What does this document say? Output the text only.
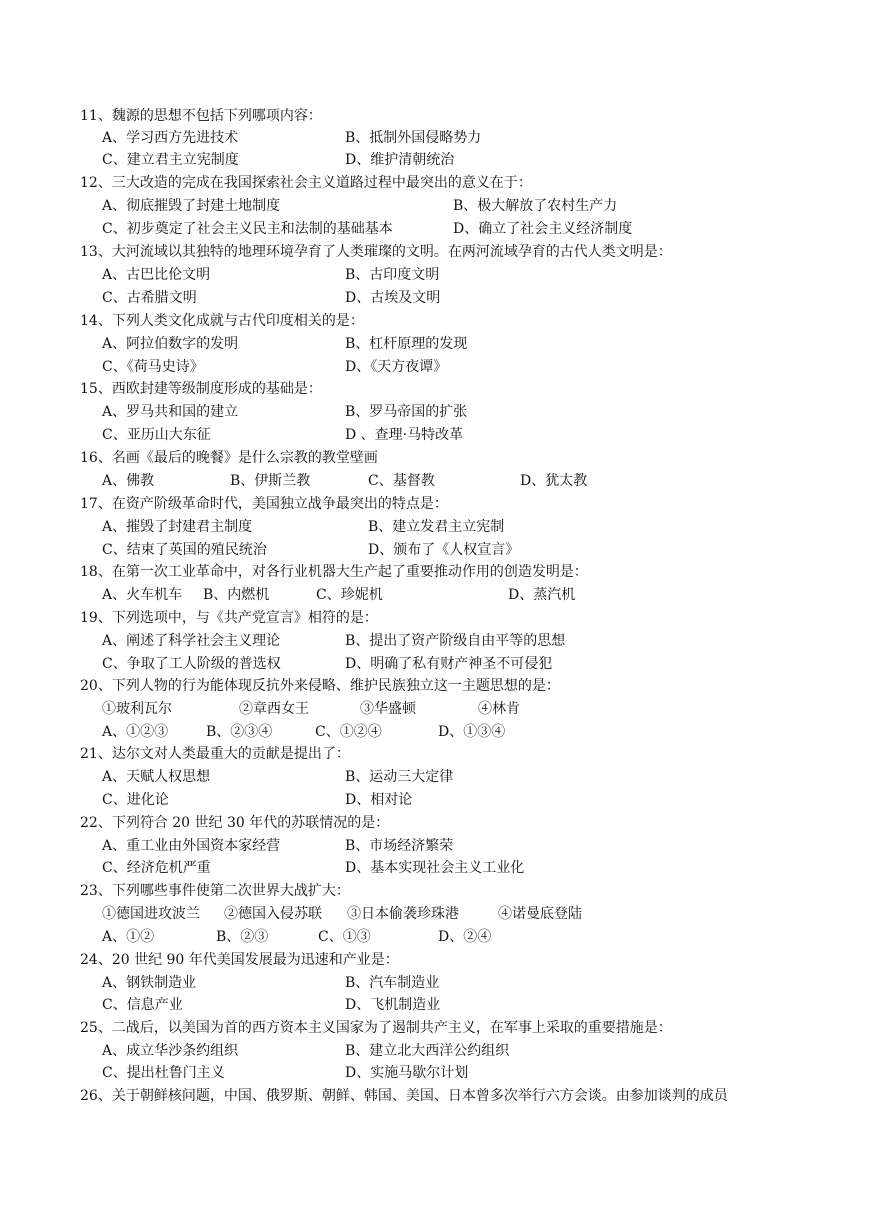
11、魏源的思想不包括下列哪项内容：
A、学习西方先进技术	B、抵制外国侵略势力
C、建立君主立宪制度	D、维护清朝统治
12、三大改造的完成在我国探索社会主义道路过程中最突出的意义在于：
A、彻底摧毁了封建土地制度	B、极大解放了农村生产力
C、初步奠定了社会主义民主和法制的基础基本	D、确立了社会主义经济制度
13、大河流域以其独特的地理环境孕育了人类璀璨的文明。在两河流域孕育的古代人类文明是：
A、古巴比伦文明	B、古印度文明
C、古希腊文明	D、古埃及文明
14、下列人类文化成就与古代印度相关的是：
A、阿拉伯数字的发明	B、杠杆原理的发现
C、《荷马史诗》	D、《天方夜谭》
15、西欧封建等级制度形成的基础是：
A、罗马共和国的建立	B、罗马帝国的扩张
C、亚历山大东征	D 、查理·马特改革
16、名画《最后的晚餐》是什么宗教的教堂壁画
A、佛教	B、伊斯兰教	C、基督教	D、犹太教
17、在资产阶级革命时代，美国独立战争最突出的特点是：
A、摧毁了封建君主制度	B、建立发君主立宪制
C、结束了英国的殖民统治	D、颁布了《人权宣言》
18、在第一次工业革命中，对各行业机器大生产起了重要推动作用的创造发明是：
A、火车机车 B、内燃机	C、珍妮机	D、蒸汽机
19、下列选项中，与《共产党宣言》相符的是：
A、阐述了科学社会主义理论	B、提出了资产阶级自由平等的思想
C、争取了工人阶级的普选权	D、明确了私有财产神圣不可侵犯
20、下列人物的行为能体现反抗外来侵略、维护民族独立这一主题思想的是：
①玻利瓦尔	②章西女王	③华盛顿	④林肯
A、①②③	B、②③④	C、①②④	D、①③④
21、达尔文对人类最重大的贡献是提出了：
A、天赋人权思想	B、运动三大定律
C、进化论	D、相对论
22、下列符合 20 世纪 30 年代的苏联情况的是：
A、重工业由外国资本家经营	B、市场经济繁荣
C、经济危机严重	D、基本实现社会主义工业化
23、下列哪些事件使第二次世界大战扩大：
①德国进攻波兰 ②德国入侵苏联 ③日本偷袭珍珠港	④诺曼底登陆
A、①②	B、②③	C、①③	D、②④
24、20 世纪 90 年代美国发展最为迅速和产业是：
A、钢铁制造业	B、汽车制造业
C、信息产业	D、飞机制造业
25、二战后，以美国为首的西方资本主义国家为了遏制共产主义，在军事上采取的重要措施是：
A、成立华沙条约组织	B、建立北大西洋公约组织
C、提出杜鲁门主义	D、实施马歇尔计划
26、关于朝鲜核问题，中国、俄罗斯、朝鲜、韩国、美国、日本曾多次举行六方会谈。由参加谈判的成员
